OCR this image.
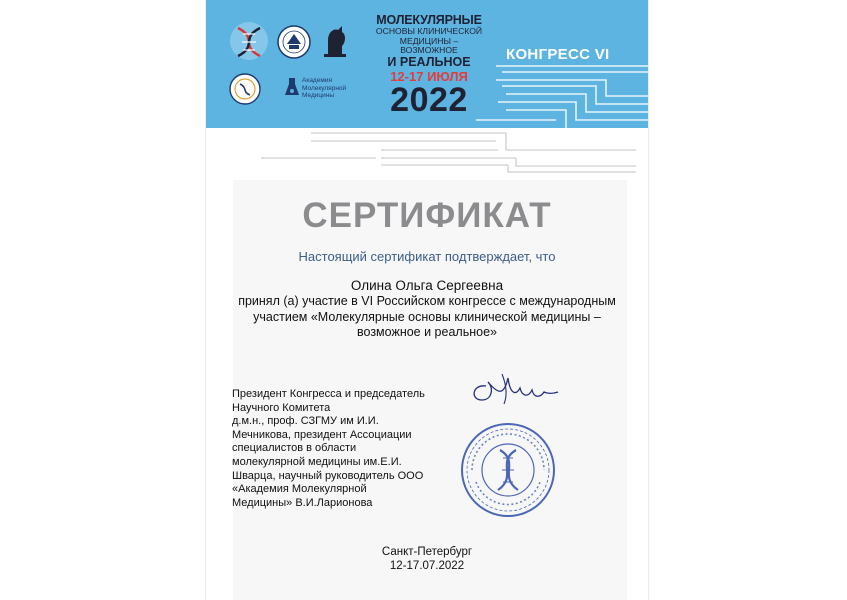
Академия
Молекулярной
Медицины
МОЛЕКУЛЯРНЫЕ
ОСНОВЫ КЛИНИЧЕСКОЙ
МЕДИЦИНЫ – ВОЗМОЖНОЕ
И РЕАЛЬНОЕ
12-17 ИЮЛЯ
2022
КОНГРЕСС VI
СЕРТИФИКАТ
Настоящий сертификат подтверждает, что
Олина Ольга Сергеевна
принял (а) участие в VI Российском конгрессе с международным
участием «Молекулярные основы клинической медицины –
возможное и реальное»
Президент Конгресса и председатель
Научного Комитета
д.м.н., проф. СЗГМУ им И.И.
Мечникова, президент Ассоциации
специалистов в области
молекулярной медицины им.Е.И.
Шварца, научный руководитель ООО
«Академия Молекулярной
Медицины» В.И.Ларионова
Санкт-Петербург
12-17.07.2022
